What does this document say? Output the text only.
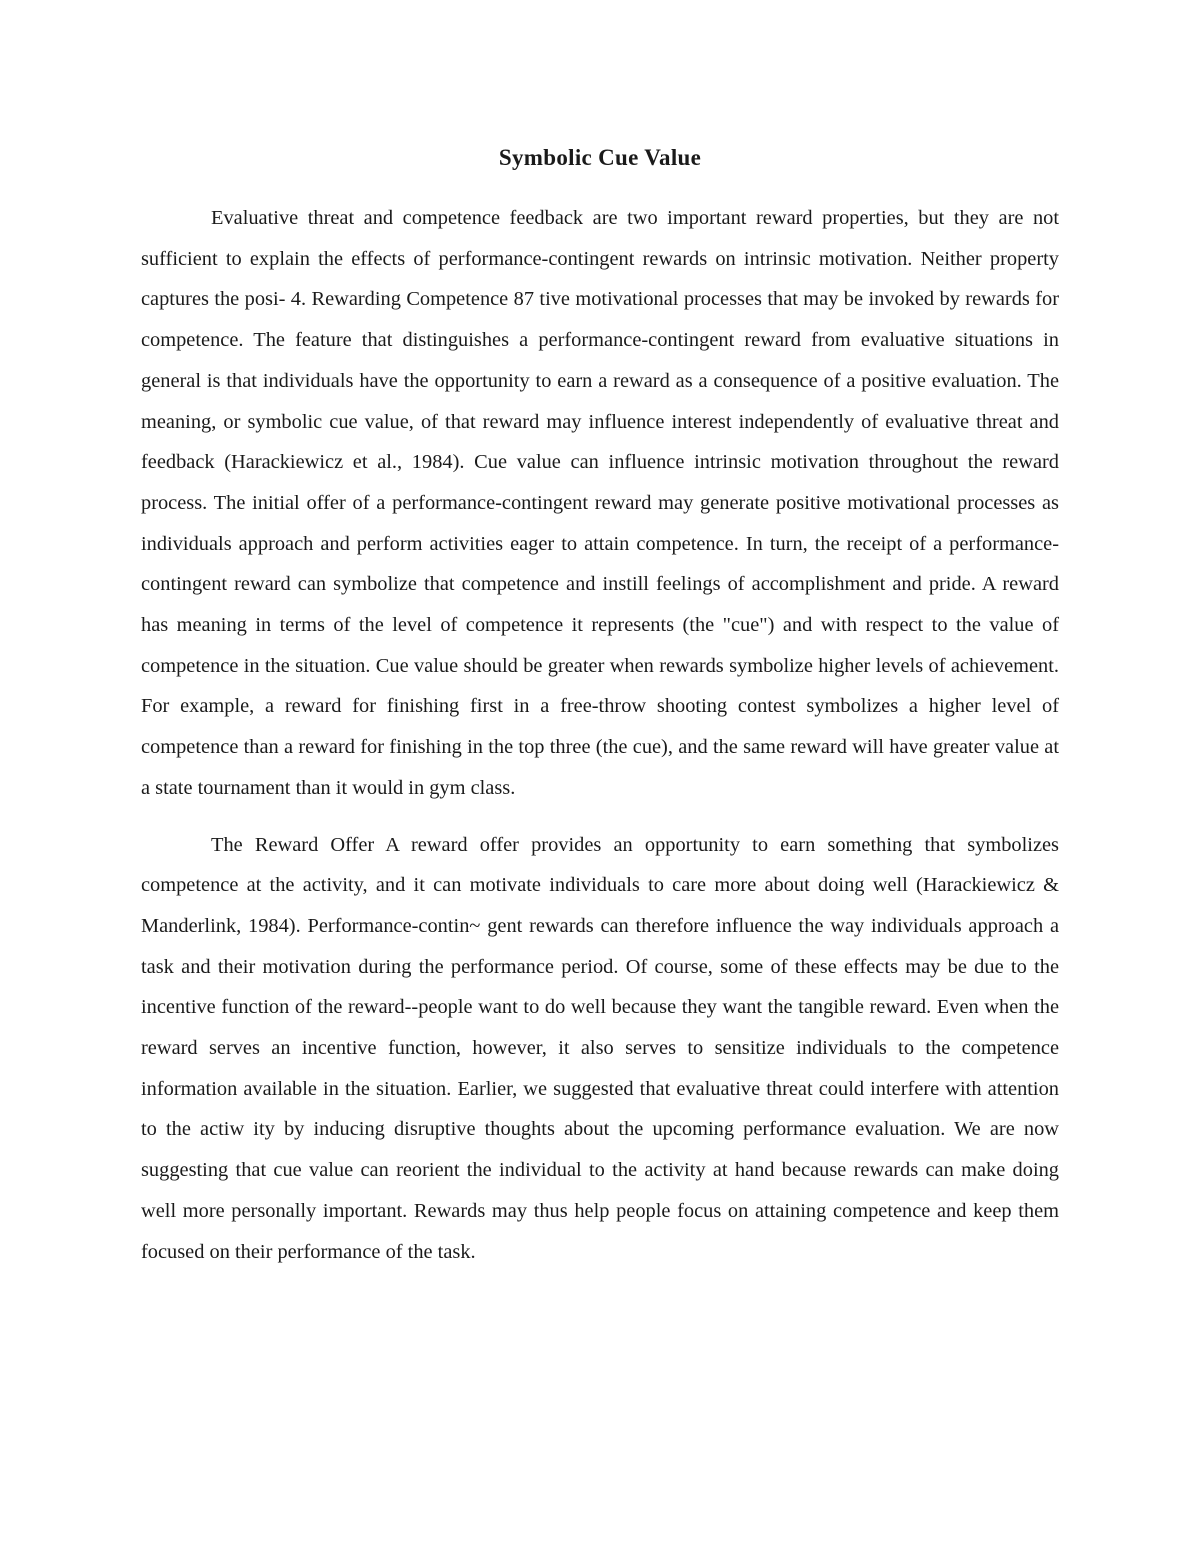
Symbolic Cue Value

Evaluative threat and competence feedback are two important reward properties, but they are not sufficient to explain the effects of performance-contingent rewards on intrinsic motivation. Neither property captures the posi- 4. Rewarding Competence 87 tive motivational processes that may be invoked by rewards for competence. The feature that distinguishes a performance-contingent reward from evaluative situations in general is that individuals have the opportunity to earn a reward as a consequence of a positive evaluation. The meaning, or symbolic cue value, of that reward may influence interest independently of evaluative threat and feedback (Harackiewicz et al., 1984). Cue value can influence intrinsic motivation throughout the reward process. The initial offer of a performance-contingent reward may generate positive motivational processes as individuals approach and perform activities eager to attain competence. In turn, the receipt of a performance-contingent reward can symbolize that competence and instill feelings of accomplishment and pride. A reward has meaning in terms of the level of competence it represents (the "cue") and with respect to the value of competence in the situation. Cue value should be greater when rewards symbolize higher levels of achievement. For example, a reward for finishing first in a free-throw shooting contest symbolizes a higher level of competence than a reward for finishing in the top three (the cue), and the same reward will have greater value at a state tournament than it would in gym class.

The Reward Offer A reward offer provides an opportunity to earn something that symbolizes competence at the activity, and it can motivate individuals to care more about doing well (Harackiewicz & Manderlink, 1984). Performance-contin~ gent rewards can therefore influence the way individuals approach a task and their motivation during the performance period. Of course, some of these effects may be due to the incentive function of the reward--people want to do well because they want the tangible reward. Even when the reward serves an incentive function, however, it also serves to sensitize individuals to the competence information available in the situation. Earlier, we suggested that evaluative threat could interfere with attention to the actiw ity by inducing disruptive thoughts about the upcoming performance evaluation. We are now suggesting that cue value can reorient the individual to the activity at hand because rewards can make doing well more personally important. Rewards may thus help people focus on attaining competence and keep them focused on their performance of the task.
